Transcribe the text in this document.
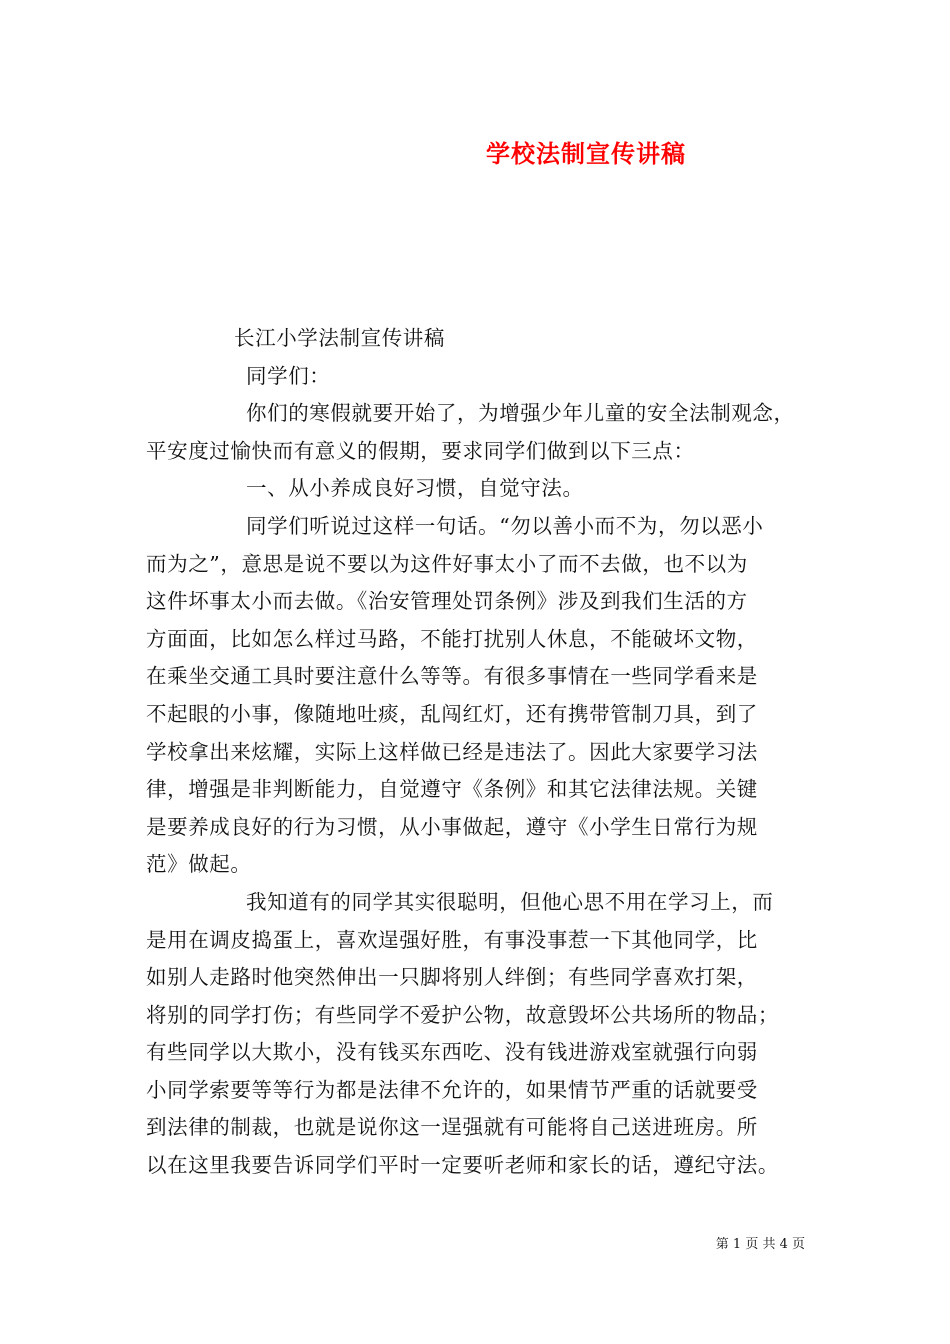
学校法制宣传讲稿
长江小学法制宣传讲稿
同学们：
你们的寒假就要开始了，为增强少年儿童的安全法制观念，
平安度过愉快而有意义的假期，要求同学们做到以下三点：
一、从小养成良好习惯，自觉守法。
同学们听说过这样一句话。“勿以善小而不为，勿以恶小
而为之”，意思是说不要以为这件好事太小了而不去做，也不以为
这件坏事太小而去做。《治安管理处罚条例》涉及到我们生活的方
方面面，比如怎么样过马路，不能打扰别人休息，不能破坏文物，
在乘坐交通工具时要注意什么等等。有很多事情在一些同学看来是
不起眼的小事，像随地吐痰，乱闯红灯，还有携带管制刀具，到了
学校拿出来炫耀，实际上这样做已经是违法了。因此大家要学习法
律，增强是非判断能力，自觉遵守《条例》和其它法律法规。关键
是要养成良好的行为习惯，从小事做起，遵守《小学生日常行为规
范》做起。
我知道有的同学其实很聪明，但他心思不用在学习上，而
是用在调皮捣蛋上，喜欢逞强好胜，有事没事惹一下其他同学，比
如别人走路时他突然伸出一只脚将别人绊倒；有些同学喜欢打架，
将别的同学打伤；有些同学不爱护公物，故意毁坏公共场所的物品；
有些同学以大欺小，没有钱买东西吃、没有钱进游戏室就强行向弱
小同学索要等等行为都是法律不允许的，如果情节严重的话就要受
到法律的制裁，也就是说你这一逞强就有可能将自己送进班房。所
以在这里我要告诉同学们平时一定要听老师和家长的话，遵纪守法。
第 1 页 共 4 页
